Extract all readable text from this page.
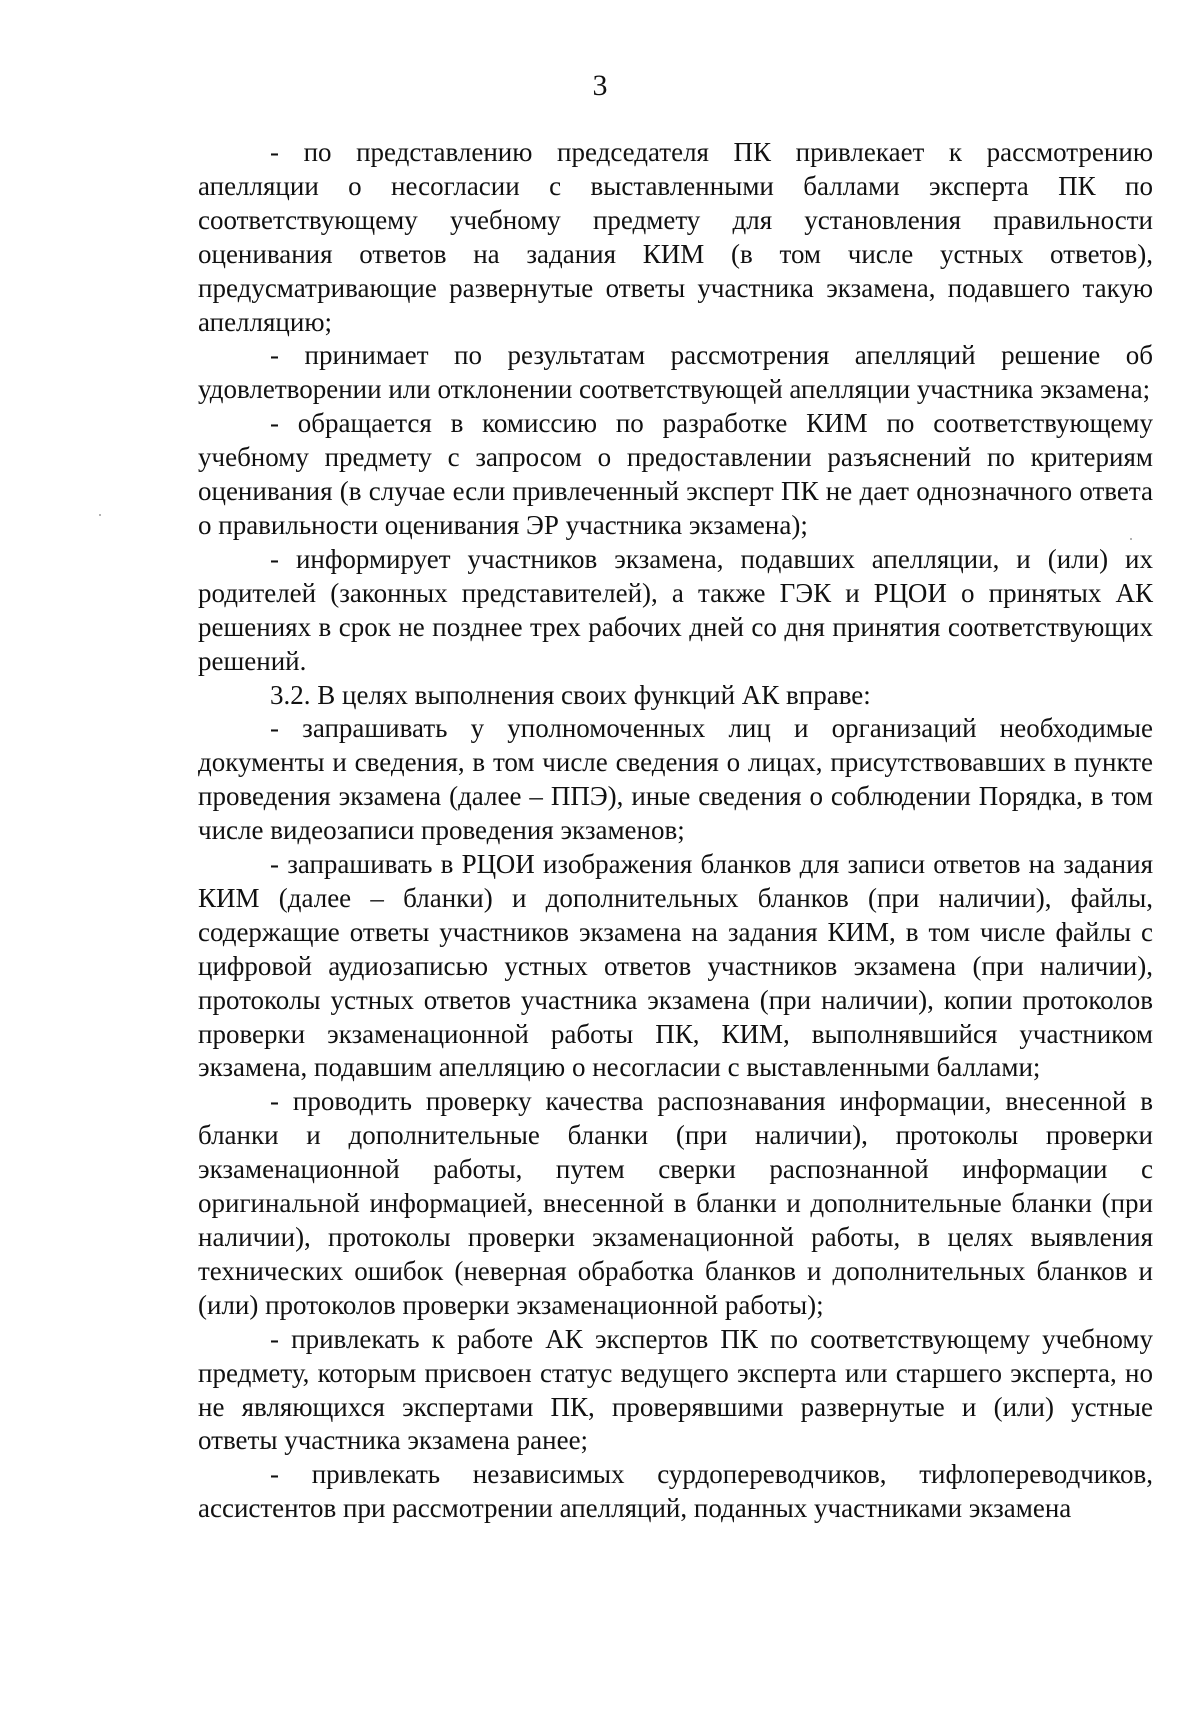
3

- по представлению председателя ПК привлекает к рассмотрению апелляции о несогласии с выставленными баллами эксперта ПК по соответствующему учебному предмету для установления правильности оценивания ответов на задания КИМ (в том числе устных ответов), предусматривающие развернутые ответы участника экзамена, подавшего такую апелляцию;

- принимает по результатам рассмотрения апелляций решение об удовлетворении или отклонении соответствующей апелляции участника экзамена;

- обращается в комиссию по разработке КИМ по соответствующему учебному предмету с запросом о предоставлении разъяснений по критериям оценивания (в случае если привлеченный эксперт ПК не дает однозначного ответа о правильности оценивания ЭР участника экзамена);

- информирует участников экзамена, подавших апелляции, и (или) их родителей (законных представителей), а также ГЭК и РЦОИ о принятых АК решениях в срок не позднее трех рабочих дней со дня принятия соответствующих решений.

3.2. В целях выполнения своих функций АК вправе:

- запрашивать у уполномоченных лиц и организаций необходимые документы и сведения, в том числе сведения о лицах, присутствовавших в пункте проведения экзамена (далее – ППЭ), иные сведения о соблюдении Порядка, в том числе видеозаписи проведения экзаменов;

- запрашивать в РЦОИ изображения бланков для записи ответов на задания КИМ (далее – бланки) и дополнительных бланков (при наличии), файлы, содержащие ответы участников экзамена на задания КИМ, в том числе файлы с цифровой аудиозаписью устных ответов участников экзамена (при наличии), протоколы устных ответов участника экзамена (при наличии), копии протоколов проверки экзаменационной работы ПК, КИМ, выполнявшийся участником экзамена, подавшим апелляцию о несогласии с выставленными баллами;

- проводить проверку качества распознавания информации, внесенной в бланки и дополнительные бланки (при наличии), протоколы проверки экзаменационной работы, путем сверки распознанной информации с оригинальной информацией, внесенной в бланки и дополнительные бланки (при наличии), протоколы проверки экзаменационной работы, в целях выявления технических ошибок (неверная обработка бланков и дополнительных бланков и (или) протоколов проверки экзаменационной работы);

- привлекать к работе АК экспертов ПК по соответствующему учебному предмету, которым присвоен статус ведущего эксперта или старшего эксперта, но не являющихся экспертами ПК, проверявшими развернутые и (или) устные ответы участника экзамена ранее;

- привлекать независимых сурдопереводчиков, тифлопереводчиков, ассистентов при рассмотрении апелляций, поданных участниками экзамена
